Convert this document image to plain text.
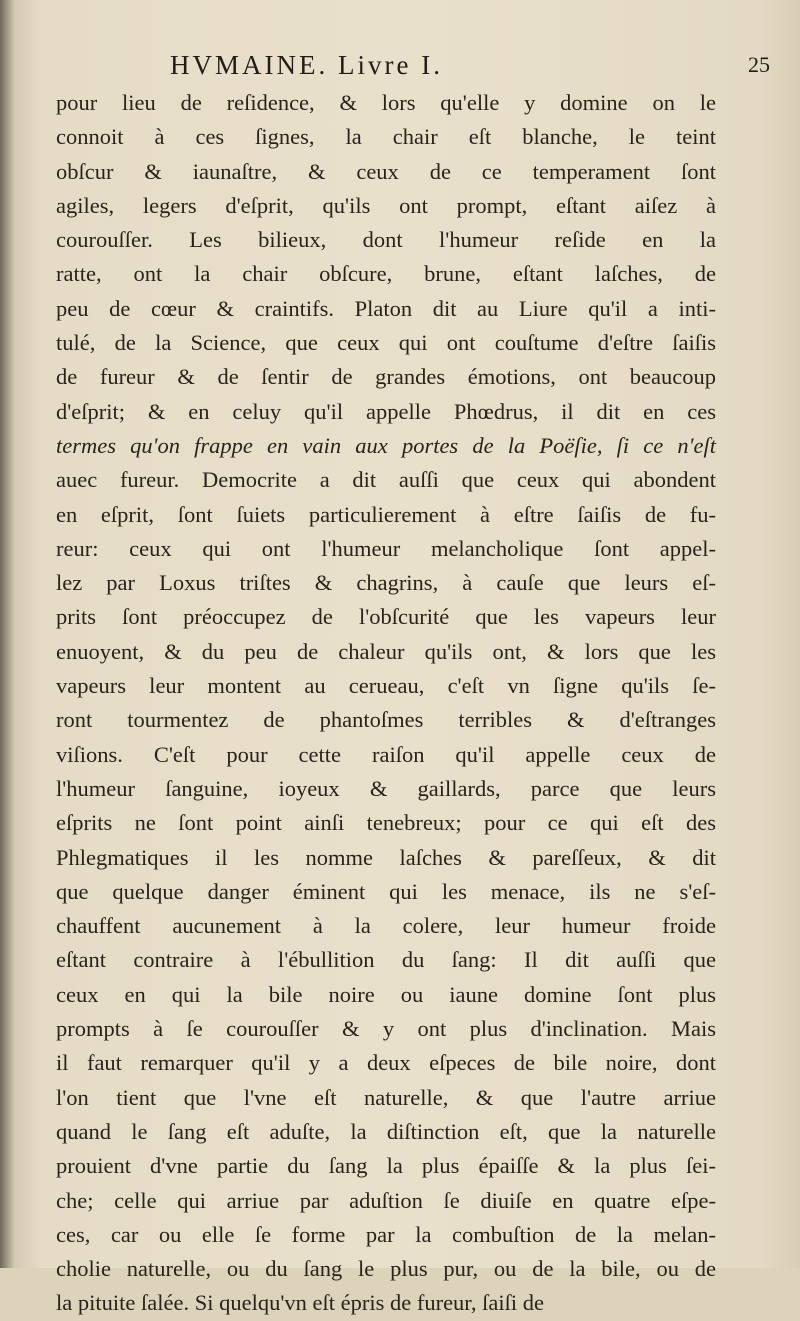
HVMAINE. Livre I.	25
pour lieu de reſidence, & lors qu'elle y domine on le
connoit à ces ſignes, la chair eſt blanche, le teint
obſcur & iaunaſtre, & ceux de ce temperament ſont
agiles, legers d'eſprit, qu'ils ont prompt, eſtant aiſez à
courouſſer. Les bilieux, dont l'humeur reſide en la
ratte, ont la chair obſcure, brune, eſtant laſches, de
peu de cœur & craintifs. Platon dit au Liure qu'il a inti-
tulé, de la Science, que ceux qui ont couſtume d'eſtre ſaiſis
de fureur & de ſentir de grandes émotions, ont beaucoup
d'eſprit; & en celuy qu'il appelle Phœdrus, il dit en ces
termes qu'on frappe en vain aux portes de la Poëſie, ſi ce n'eſt
auec fureur. Democrite a dit auſſi que ceux qui abondent
en eſprit, ſont ſuiets particulierement à eſtre ſaiſis de fu-
reur: ceux qui ont l'humeur melancholique ſont appel-
lez par Loxus triſtes & chagrins, à cauſe que leurs eſ-
prits ſont préoccupez de l'obſcurité que les vapeurs leur
enuoyent, & du peu de chaleur qu'ils ont, & lors que les
vapeurs leur montent au cerueau, c'eſt vn ſigne qu'ils ſe-
ront tourmentez de phantoſmes terribles & d'eſtranges
viſions. C'eſt pour cette raiſon qu'il appelle ceux de
l'humeur ſanguine, ioyeux & gaillards, parce que leurs
eſprits ne ſont point ainſi tenebreux; pour ce qui eſt des
Phlegmatiques il les nomme laſches & pareſſeux, & dit
que quelque danger éminent qui les menace, ils ne s'eſ-
chauffent aucunement à la colere, leur humeur froide
eſtant contraire à l'ébullition du ſang: Il dit auſſi que
ceux en qui la bile noire ou iaune domine ſont plus
prompts à ſe courouſſer & y ont plus d'inclination. Mais
il faut remarquer qu'il y a deux eſpeces de bile noire, dont
l'on tient que l'vne eſt naturelle, & que l'autre arriue
quand le ſang eſt aduſte, la diſtinction eſt, que la naturelle
prouient d'vne partie du ſang la plus épaiſſe & la plus ſei-
che; celle qui arriue par aduſtion ſe diuiſe en quatre eſpe-
ces, car ou elle ſe forme par la combuſtion de la melan-
cholie naturelle, ou du ſang le plus pur, ou de la bile, ou de
la pituite ſalée. Si quelqu'vn eſt épris de fureur, ſaiſi de
